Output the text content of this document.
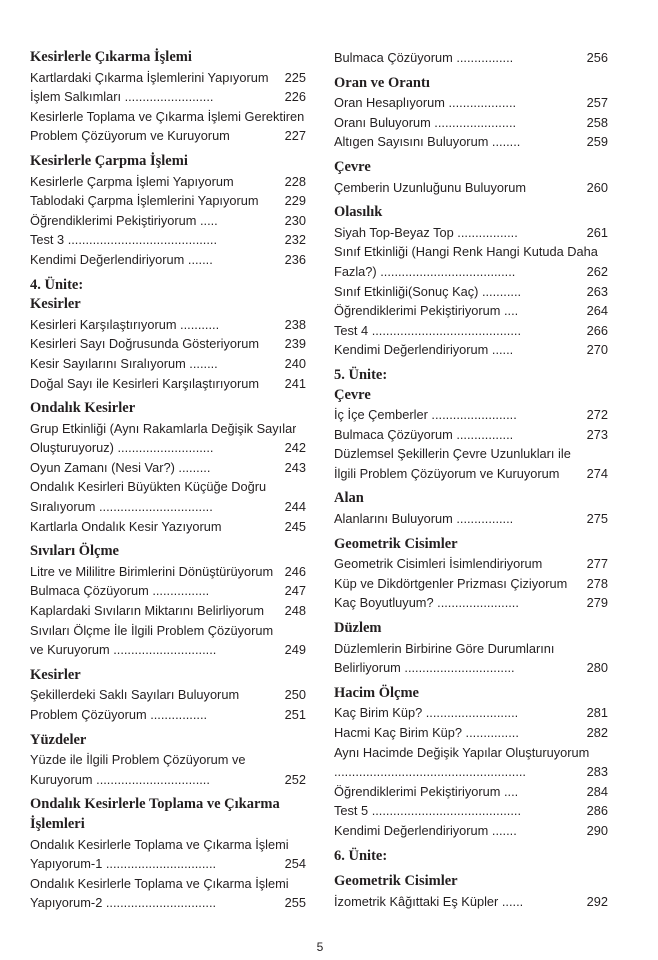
Kesirlerle Çıkarma İşlemi
Kartlardaki Çıkarma İşlemlerini Yapıyorum 225
İşlem Salkımları .........................	226
Kesirlerle Toplama ve Çıkarma İşlemi Gerektiren
Problem Çözüyorum ve Kuruyorum	227
Kesirlerle Çarpma İşlemi
Kesirlerle Çarpma İşlemi Yapıyorum	228
Tablodaki Çarpma İşlemlerini Yapıyorum 229
Öğrendiklerimi Pekiştiriyorum .....	230
Test 3 ..........................................	232
Kendimi Değerlendiriyorum .......	236
4. Ünite:
Kesirler
Kesirleri Karşılaştırıyorum ...........	238
Kesirleri Sayı Doğrusunda Gösteriyorum 239
Kesir Sayılarını Sıralıyorum ........	240
Doğal Sayı ile Kesirleri Karşılaştırıyorum 241
Ondalık Kesirler
Grup Etkinliği (Aynı Rakamlarla Değişik Sayılar
Oluşturuyoruz) ...........................	242
Oyun Zamanı (Nesi Var?) .........	243
Ondalık Kesirleri Büyükten Küçüğe Doğru
Sıralıyorum ................................	244
Kartlarla Ondalık Kesir Yazıyorum	245
Sıvıları Ölçme
Litre ve Mililitre Birimlerini Dönüştürüyorum 246
Bulmaca Çözüyorum ................	247
Kaplardaki Sıvıların Miktarını Belirliyorum 248
Sıvıları Ölçme İle İlgili Problem Çözüyorum
ve Kuruyorum .............................	249
Kesirler
Şekillerdeki Saklı Sayıları Buluyorum	250
Problem Çözüyorum ................	251
Yüzdeler
Yüzde ile İlgili Problem Çözüyorum ve
Kuruyorum ................................	252
Ondalık Kesirlerle Toplama ve Çıkarma
İşlemleri
Ondalık Kesirlerle Toplama ve Çıkarma İşlemi
Yapıyorum-1 ...............................	254
Ondalık Kesirlerle Toplama ve Çıkarma İşlemi
Yapıyorum-2 ...............................	255
Bulmaca Çözüyorum ................	256
Oran ve Orantı
Oran Hesaplıyorum ...................	257
Oranı Buluyorum .......................	258
Altıgen Sayısını Buluyorum ........	259
Çevre
Çemberin Uzunluğunu Buluyorum	260
Olasılık
Siyah Top-Beyaz Top .................	261
Sınıf Etkinliği (Hangi Renk Hangi Kutuda Daha
Fazla?) ......................................	262
Sınıf Etkinliği(Sonuç Kaç) ...........	263
Öğrendiklerimi Pekiştiriyorum ....	264
Test 4 ..........................................	266
Kendimi Değerlendiriyorum ......	270
5. Ünite:
Çevre
İç İçe Çemberler ........................	272
Bulmaca Çözüyorum ................	273
Düzlemsel Şekillerin Çevre Uzunlukları ile
İlgili Problem Çözüyorum ve Kuruyorum 274
Alan
Alanlarını Buluyorum ................	275
Geometrik Cisimler
Geometrik Cisimleri İsimlendiriyorum	277
Küp ve Dikdörtgenler Prizması Çiziyorum 278
Kaç Boyutluyum? .......................	279
Düzlem
Düzlemlerin Birbirine Göre Durumlarını
Belirliyorum ...............................	280
Hacim Ölçme
Kaç Birim Küp? ..........................	281
Hacmi Kaç Birim Küp? ...............	282
Aynı Hacimde Değişik Yapılar Oluşturuyorum
......................................................	283
Öğrendiklerimi Pekiştiriyorum ....	284
Test 5 ..........................................	286
Kendimi Değerlendiriyorum .......	290
6. Ünite:
Geometrik Cisimler
İzometrik Kâğıttaki Eş Küpler ......	292
5
